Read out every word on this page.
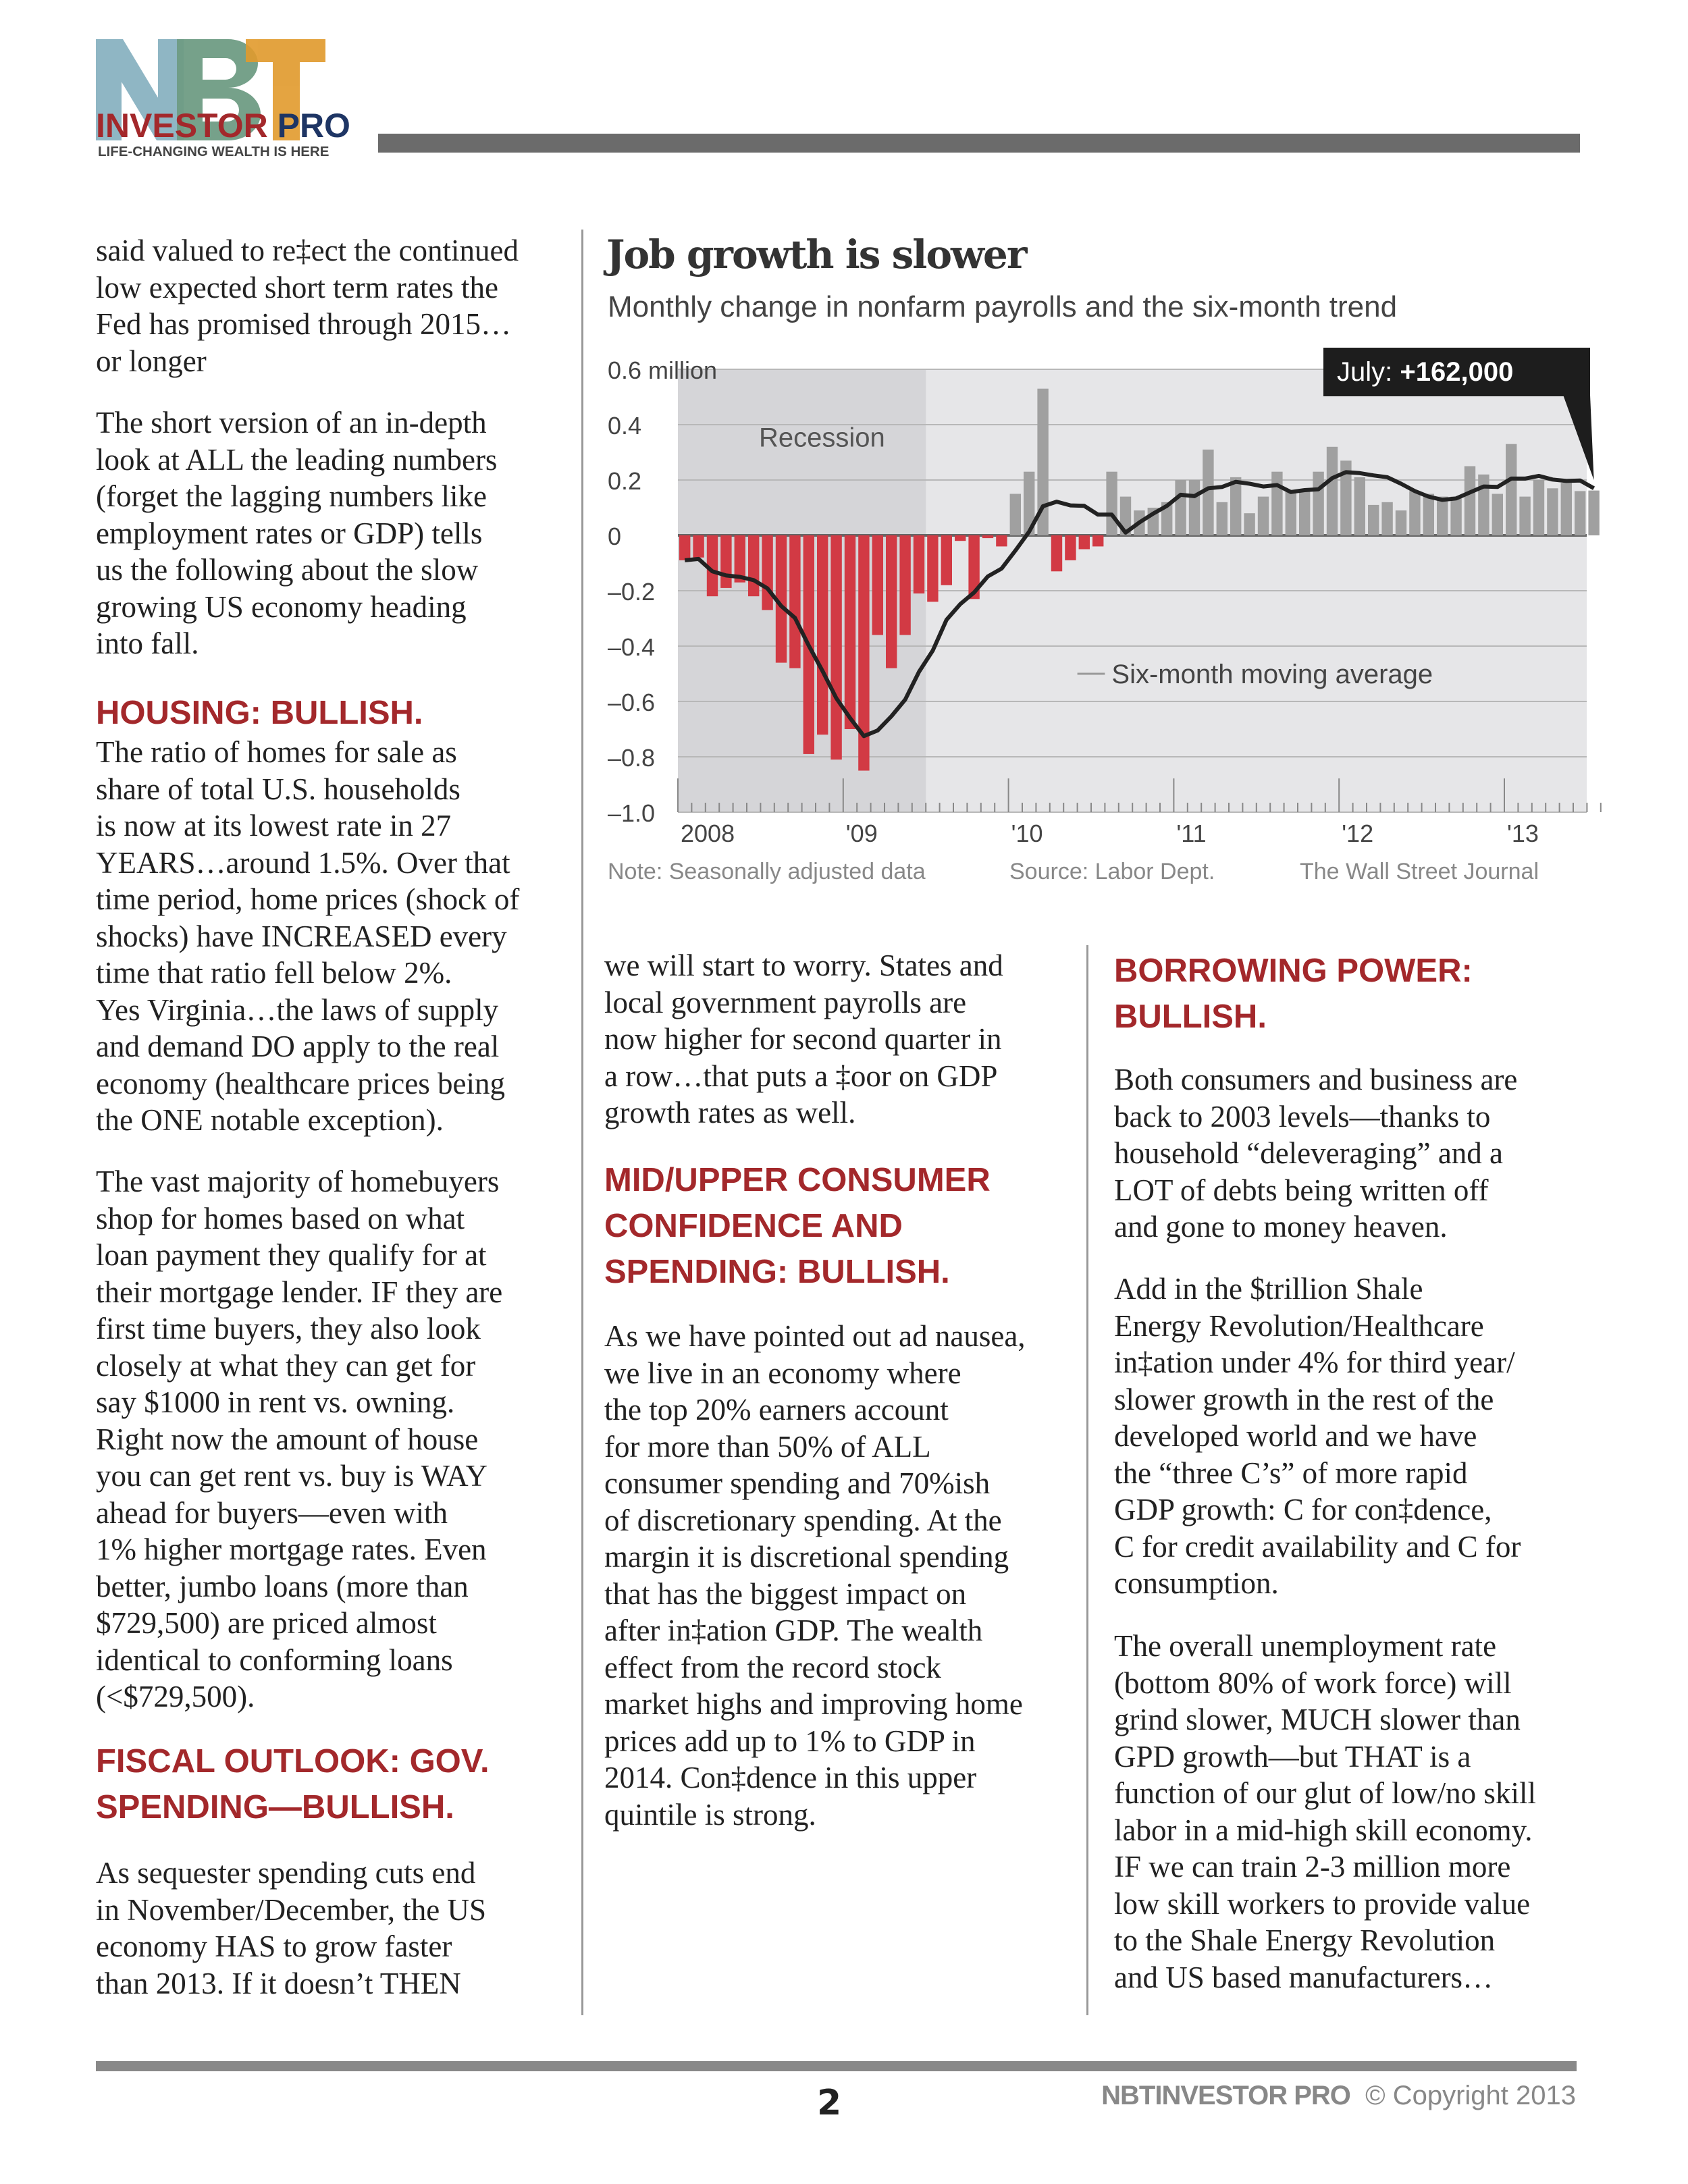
INVESTOR PRO
LIFE-CHANGING WEALTH IS HERE
said valued to re‡ect the continued
low expected short term rates the
Fed has promised through 2015…
or longer
The short version of an in-depth
look at ALL the leading numbers
(forget the lagging numbers like
employment rates or GDP) tells
us the following about the slow
growing US economy heading
into fall.
HOUSING: BULLISH.
The ratio of homes for sale as
share of total U.S. households
is now at its lowest rate in 27
YEARS…around 1.5%. Over that
time period, home prices (shock of
shocks) have INCREASED every
time that ratio fell below 2%.
Yes Virginia…the laws of supply
and demand DO apply to the real
economy (healthcare prices being
the ONE notable exception).
The vast majority of homebuyers
shop for homes based on what
loan payment they qualify for at
their mortgage lender. IF they are
first time buyers, they also look
closely at what they can get for
say $1000 in rent vs. owning.
Right now the amount of house
you can get rent vs. buy is WAY
ahead for buyers—even with
1% higher mortgage rates. Even
better, jumbo loans (more than
$729,500) are priced almost
identical to conforming loans
(<$729,500).
FISCAL OUTLOOK: GOV.
SPENDING—BULLISH.
As sequester spending cuts end
in November/December, the US
economy HAS to grow faster
than 2013. If it doesn’t THEN
Job growth is slower
Monthly change in nonfarm payrolls and the six-month trend
Recession
0.6 million
0.4
0.2
0
–0.2
–0.4
–0.6
–0.8
–1.0
2008	'09	'10	'11	'12	'13
Six-month moving average
July: +162,000
Note: Seasonally adjusted data	Source: Labor Dept.	The Wall Street Journal
we will start to worry. States and
local government payrolls are
now higher for second quarter in
a row…that puts a ‡oor on GDP
growth rates as well.
MID/UPPER CONSUMER
CONFIDENCE AND
SPENDING: BULLISH.
As we have pointed out ad nausea,
we live in an economy where
the top 20% earners account
for more than 50% of ALL
consumer spending and 70%ish
of discretionary spending. At the
margin it is discretional spending
that has the biggest impact on
after in‡ation GDP. The wealth
effect from the record stock
market highs and improving home
prices add up to 1% to GDP in
2014. Con‡dence in this upper
quintile is strong.
BORROWING POWER:
BULLISH.
Both consumers and business are
back to 2003 levels—thanks to
household “deleveraging” and a
LOT of debts being written off
and gone to money heaven.
Add in the $trillion Shale
Energy Revolution/Healthcare
in‡ation under 4% for third year/
slower growth in the rest of the
developed world and we have
the “three C’s” of more rapid
GDP growth: C for con‡dence,
C for credit availability and C for
consumption.
The overall unemployment rate
(bottom 80% of work force) will
grind slower, MUCH slower than
GPD growth—but THAT is a
function of our glut of low/no skill
labor in a mid-high skill economy.
IF we can train 2-3 million more
low skill workers to provide value
to the Shale Energy Revolution
and US based manufacturers…
2	NBTINVESTOR PRO © Copyright 2013
